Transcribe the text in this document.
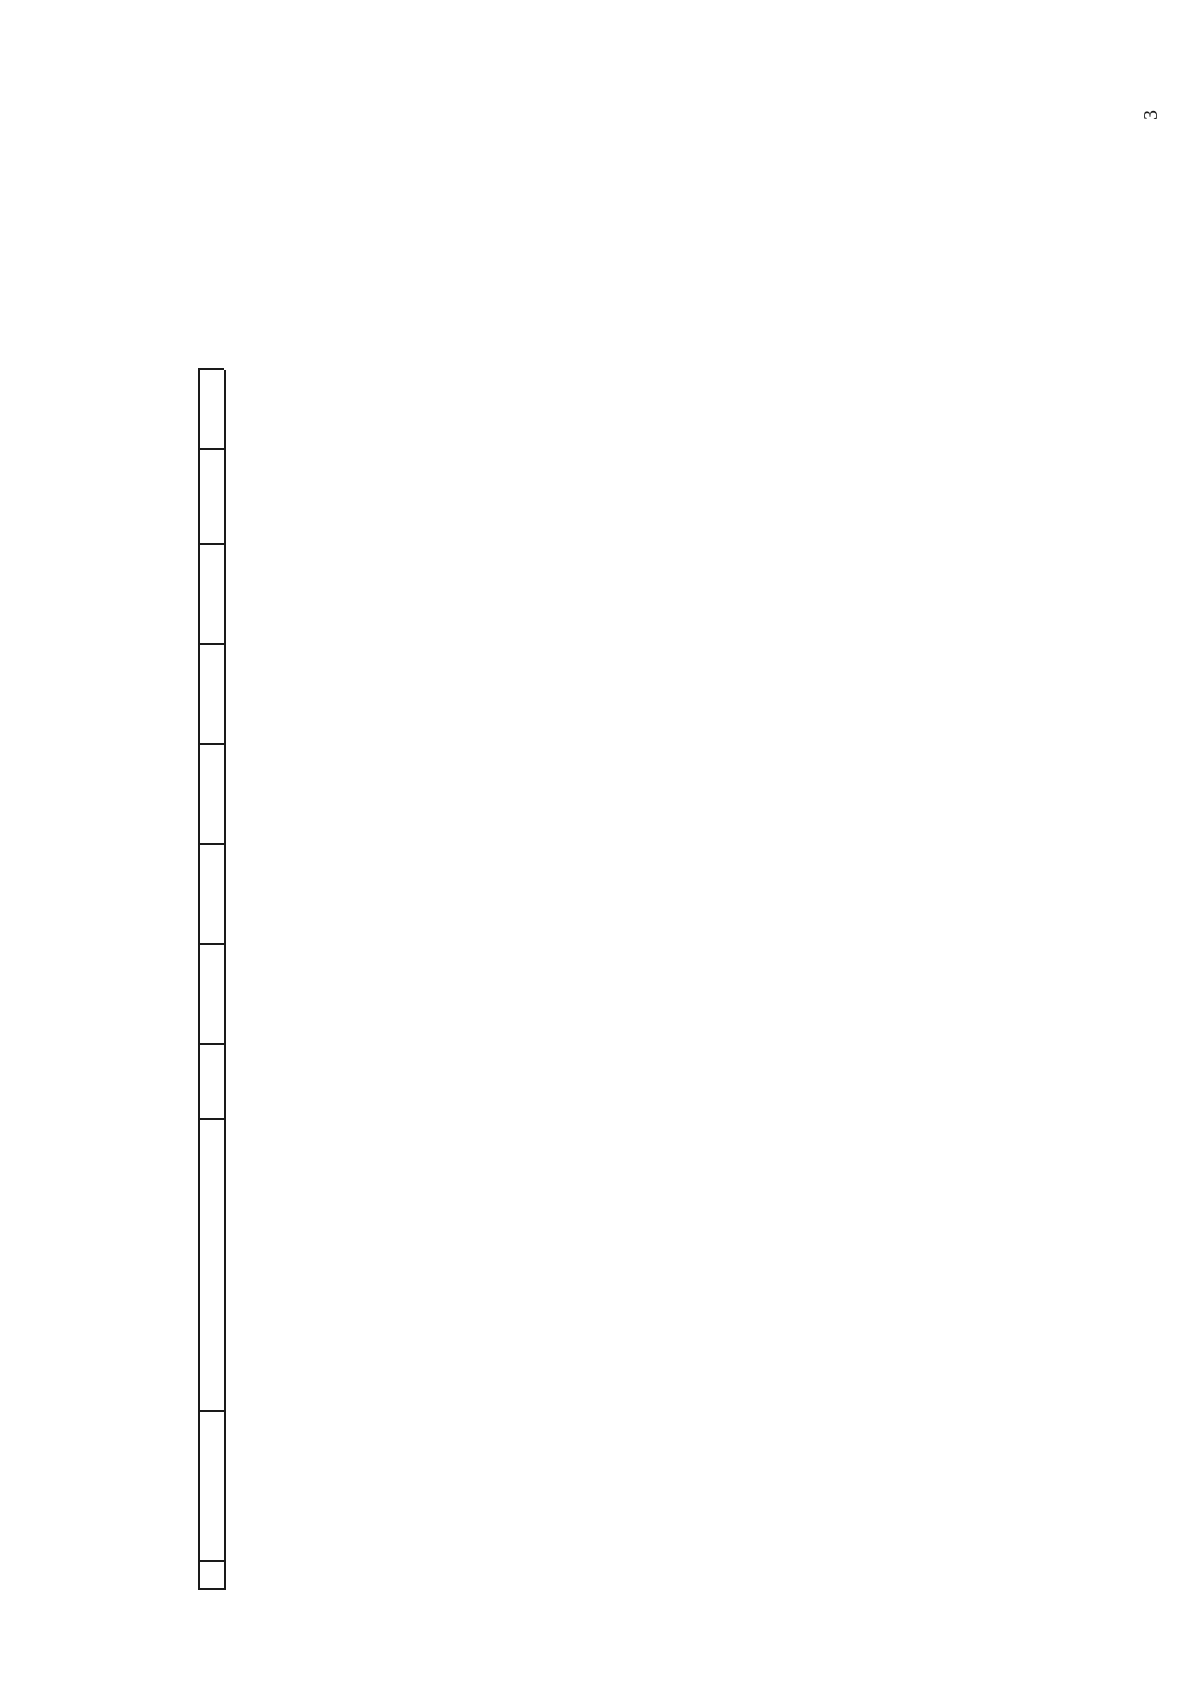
3
